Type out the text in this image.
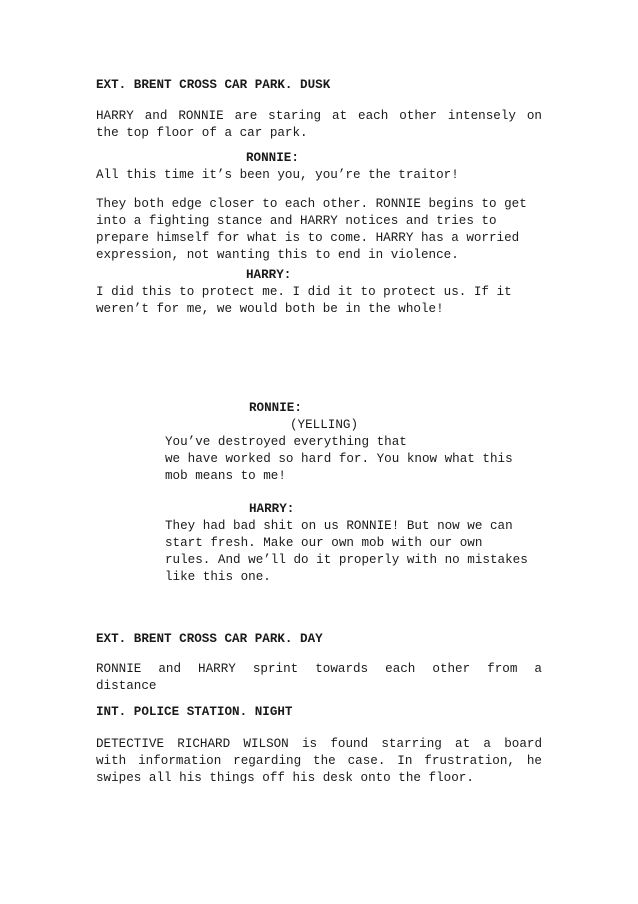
EXT. BRENT CROSS CAR PARK. DUSK
HARRY and RONNIE are staring at each other intensely on
the top floor of a car park.
RONNIE:
All this time it’s been you, you’re the traitor!
They both edge closer to each other. RONNIE begins to get
into a fighting stance and HARRY notices and tries to
prepare himself for what is to come. HARRY has a worried
expression, not wanting this to end in violence.
HARRY:
I did this to protect me. I did it to protect us. If it
weren’t for me, we would both be in the whole!
RONNIE:
(YELLING)
You’ve destroyed everything that
we have worked so hard for. You know what this
mob means to me!
HARRY:
They had bad shit on us RONNIE! But now we can
start fresh. Make our own mob with our own
rules. And we’ll do it properly with no mistakes
like this one.
EXT. BRENT CROSS CAR PARK. DAY
RONNIE and HARRY sprint towards each other from a
distance
INT. POLICE STATION. NIGHT
DETECTIVE RICHARD WILSON is found starring at a board
with information regarding the case. In frustration, he
swipes all his things off his desk onto the floor.
